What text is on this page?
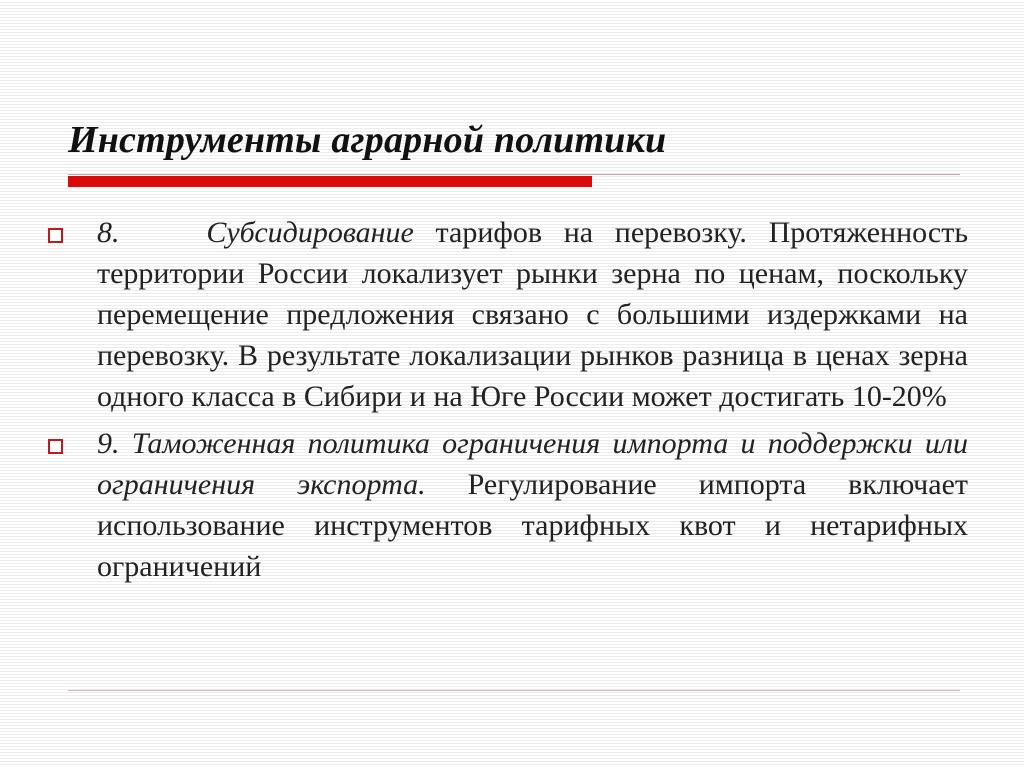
Инструменты аграрной политики

8.	Субсидирование тарифов на перевозку. Протяженность территории России локализует рынки зерна по ценам, поскольку перемещение предложения связано с большими издержками на перевозку. В результате локализации рынков разница в ценах зерна одного класса в Сибири и на Юге России может достигать 10-20%

9. Таможенная политика ограничения импорта и поддержки или ограничения экспорта. Регулирование импорта включает использование инструментов тарифных квот и нетарифных ограничений
